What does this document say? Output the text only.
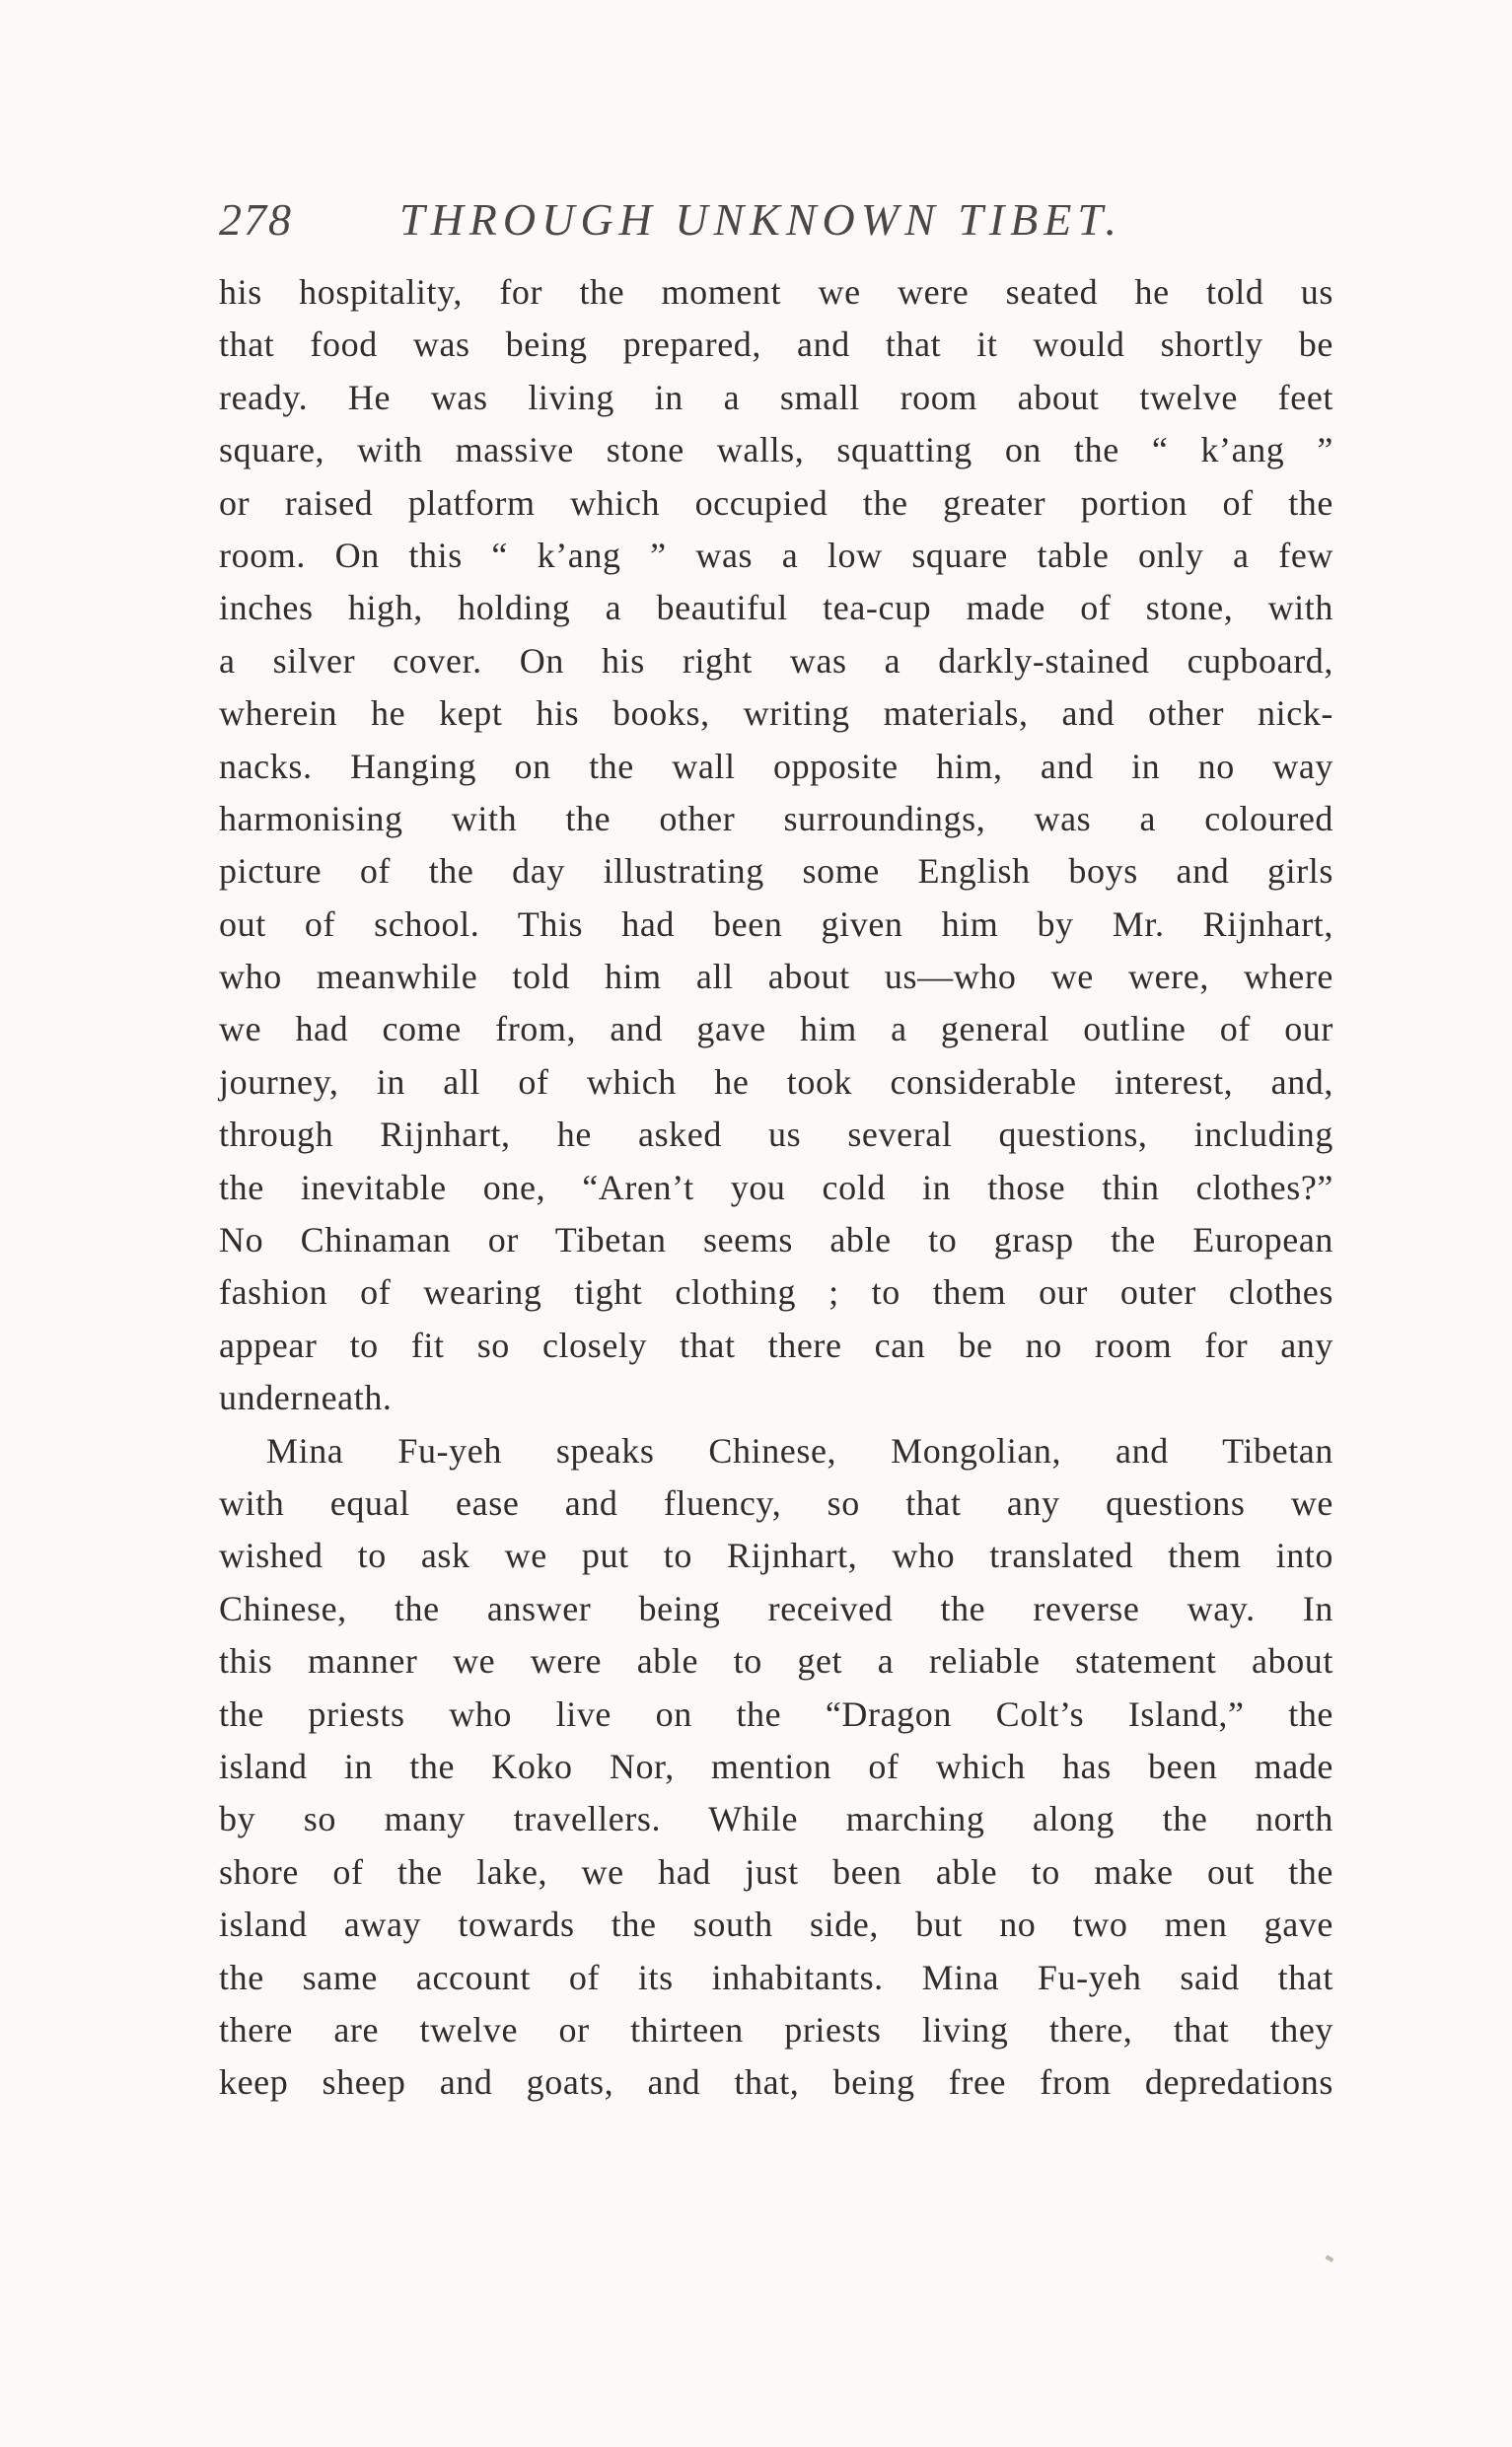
278 THROUGH UNKNOWN TIBET.
his hospitality, for the moment we were seated he told us
that food was being prepared, and that it would shortly be
ready. He was living in a small room about twelve feet
square, with massive stone walls, squatting on the “ k’ang ”
or raised platform which occupied the greater portion of the
room. On this “ k’ang ” was a low square table only a few
inches high, holding a beautiful tea-cup made of stone, with
a silver cover. On his right was a darkly-stained cupboard,
wherein he kept his books, writing materials, and other nick-
nacks. Hanging on the wall opposite him, and in no way
harmonising with the other surroundings, was a coloured
picture of the day illustrating some English boys and girls
out of school. This had been given him by Mr. Rijnhart,
who meanwhile told him all about us—who we were, where
we had come from, and gave him a general outline of our
journey, in all of which he took considerable interest, and,
through Rijnhart, he asked us several questions, including
the inevitable one, “Aren’t you cold in those thin clothes?”
No Chinaman or Tibetan seems able to grasp the European
fashion of wearing tight clothing ; to them our outer clothes
appear to fit so closely that there can be no room for any
underneath.
Mina Fu-yeh speaks Chinese, Mongolian, and Tibetan
with equal ease and fluency, so that any questions we
wished to ask we put to Rijnhart, who translated them into
Chinese, the answer being received the reverse way. In
this manner we were able to get a reliable statement about
the priests who live on the “Dragon Colt’s Island,” the
island in the Koko Nor, mention of which has been made
by so many travellers. While marching along the north
shore of the lake, we had just been able to make out the
island away towards the south side, but no two men gave
the same account of its inhabitants. Mina Fu-yeh said that
there are twelve or thirteen priests living there, that they
keep sheep and goats, and that, being free from depredations
